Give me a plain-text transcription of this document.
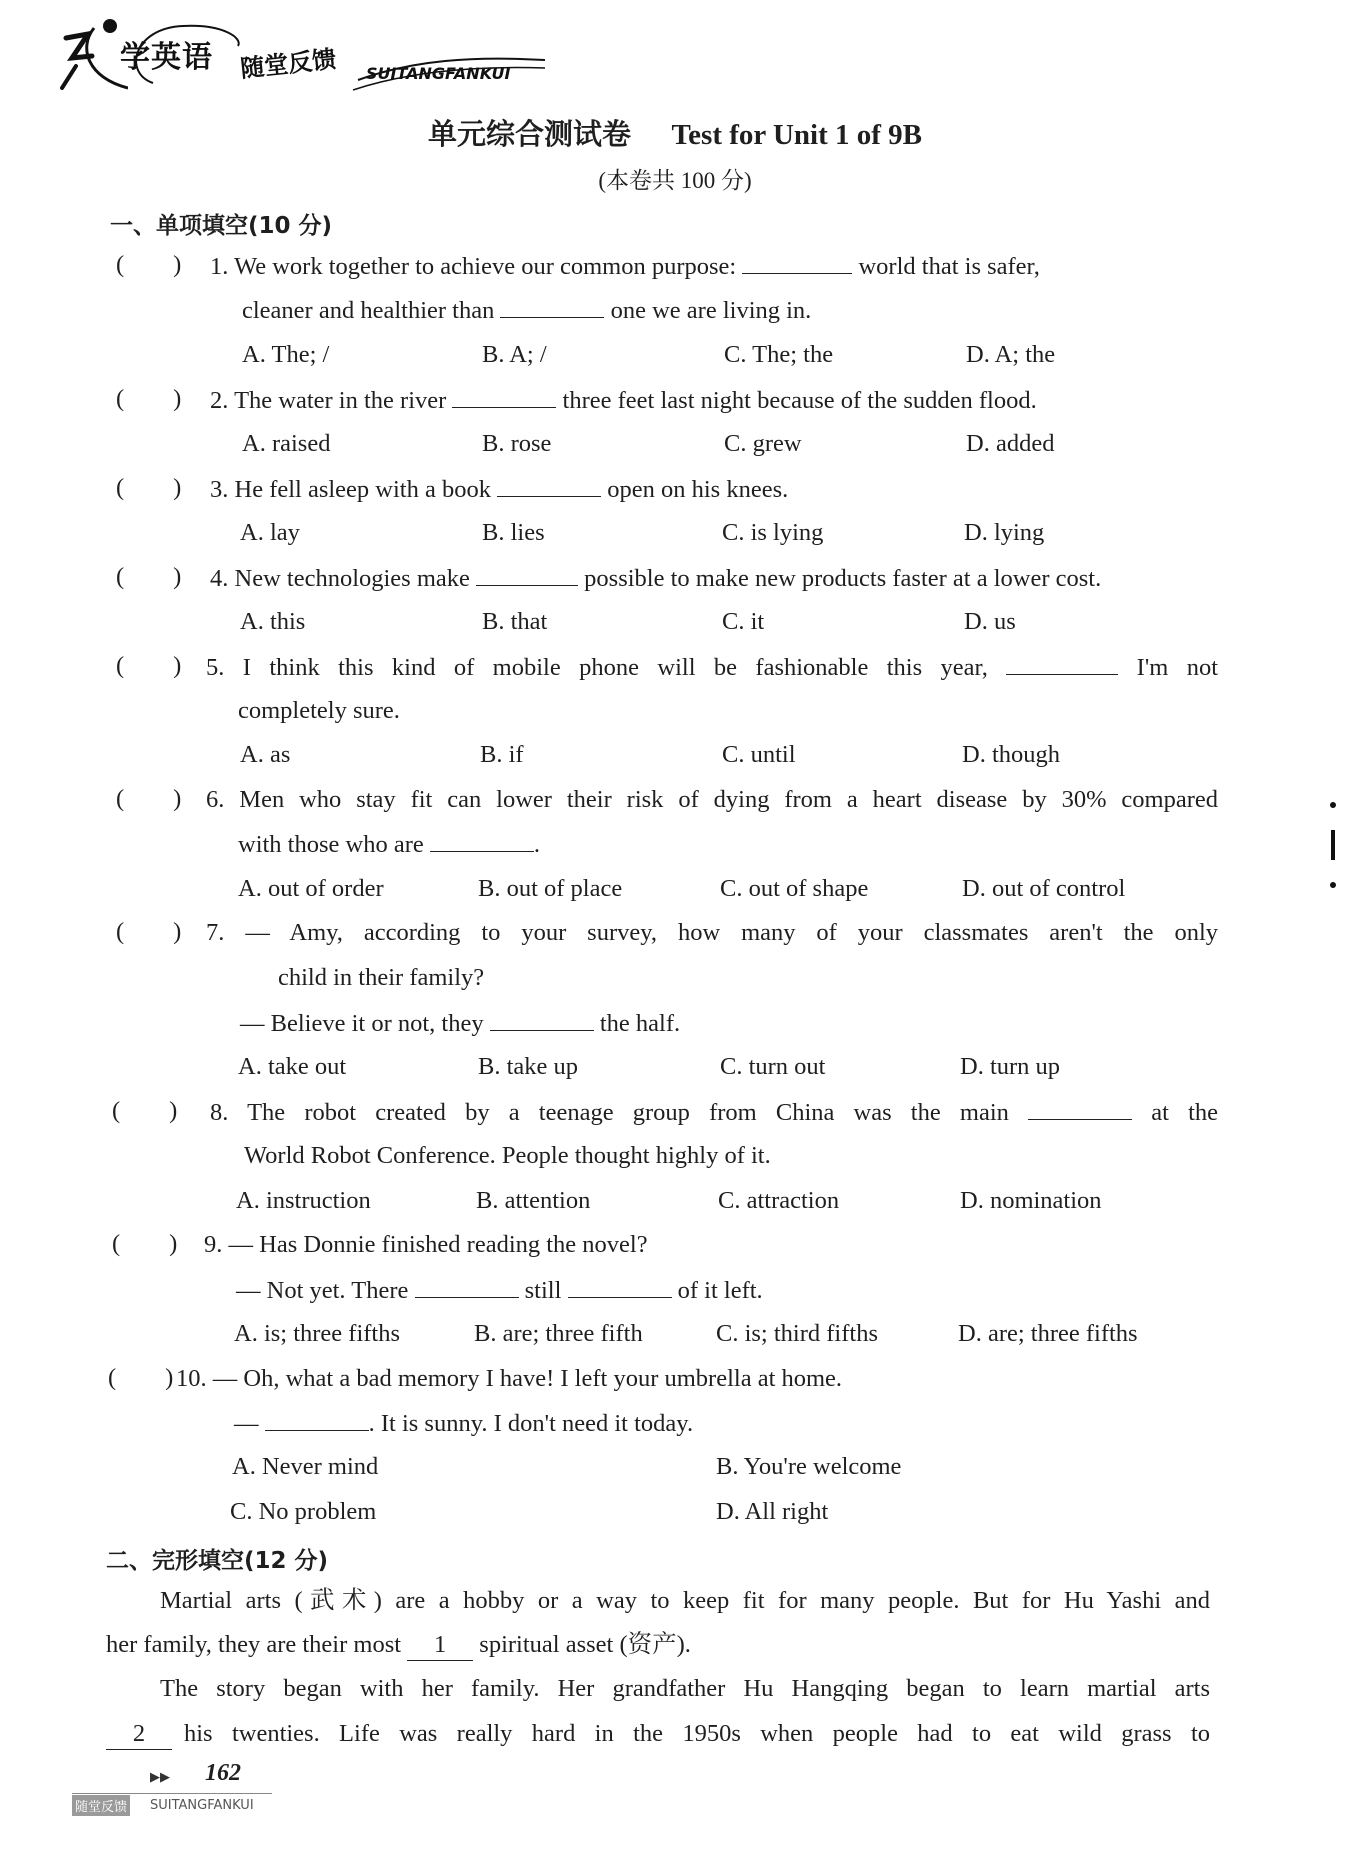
学英语 随堂反馈 SUITANGFANKUI
单元综合测试卷 Test for Unit 1 of 9B
(本卷共 100 分)
一、单项填空(10 分)
(        ) 1. We work together to achieve our common purpose:	world that is safer,
cleaner and healthier than	one we are living in.
A. The; /	B. A; /	C. The; the	D. A; the
(        ) 2. The water in the river	three feet last night because of the sudden flood.
A. raised	B. rose	C. grew	D. added
(        ) 3. He fell asleep with a book	open on his knees.
A. lay	B. lies	C. is lying	D. lying
(        ) 4. New technologies make	possible to make new products faster at a lower cost.
A. this	B. that	C. it	D. us
(        ) 5. I think this kind of mobile phone will be fashionable this year,	I'm not
completely sure.
A. as	B. if	C. until	D. though
(        ) 6. Men who stay fit can lower their risk of dying from a heart disease by 30% compared
with those who are	.
A. out of order	B. out of place	C. out of shape	D. out of control
(        ) 7. — Amy, according to your survey, how many of your classmates aren't the only
child in their family?
— Believe it or not, they	the half.
A. take out	B. take up	C. turn out	D. turn up
(        ) 8. The robot created by a teenage group from China was the main	at the
World Robot Conference. People thought highly of it.
A. instruction	B. attention	C. attraction	D. nomination
(        ) 9. — Has Donnie finished reading the novel?
— Not yet. There	still	of it left.
A. is; three fifths	B. are; three fifth	C. is; third fifths	D. are; three fifths
(        ) 10. — Oh, what a bad memory I have! I left your umbrella at home.
—	. It is sunny. I don't need it today.
A. Never mind	B. You're welcome
C. No problem	D. All right
二、完形填空(12 分)
Martial arts (武术) are a hobby or a way to keep fit for many people. But for Hu Yashi and
her family, they are their most 1 spiritual asset (资产).
The story began with her family. Her grandfather Hu Hangqing began to learn martial arts
2	his twenties. Life was really hard in the 1950s when people had to eat wild grass to
▶▶ 162
随堂反馈 SUITANGFANKUI
